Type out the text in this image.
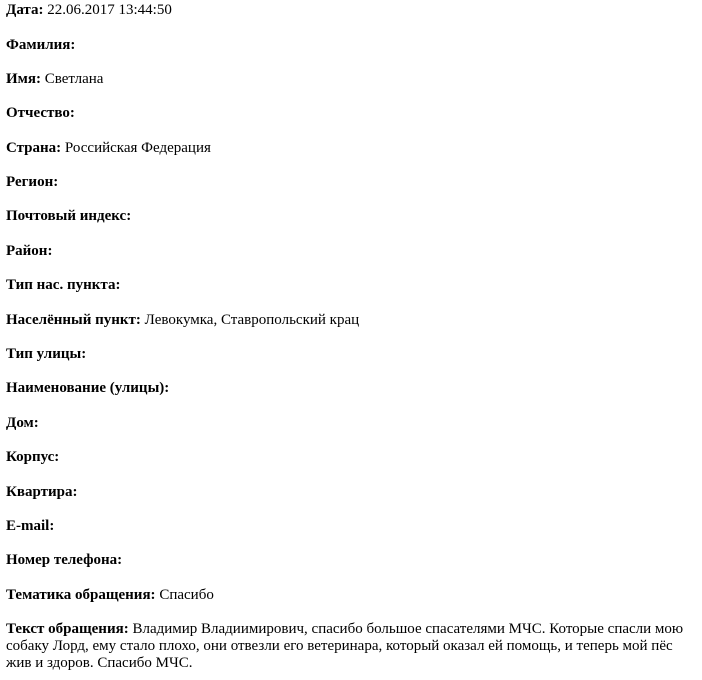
Дата: 22.06.2017 13:44:50

Фамилия:

Имя: Светлана

Отчество:

Страна: Российская Федерация

Регион:

Почтовый индекс:

Район:

Тип нас. пункта:

Населённый пункт: Левокумка, Ставропольский крац

Тип улицы:

Наименование (улицы):

Дом:

Корпус:

Квартира:

E-mail:

Номер телефона:

Тематика обращения: Спасибо

Текст обращения: Владимир Владиимирович, спасибо большое спасателями МЧС. Которые спасли мою собаку Лорд, ему стало плохо, они отвезли его ветеринара, который оказал ей помощь, и теперь мой пёс жив и здоров. Спасибо МЧС.
